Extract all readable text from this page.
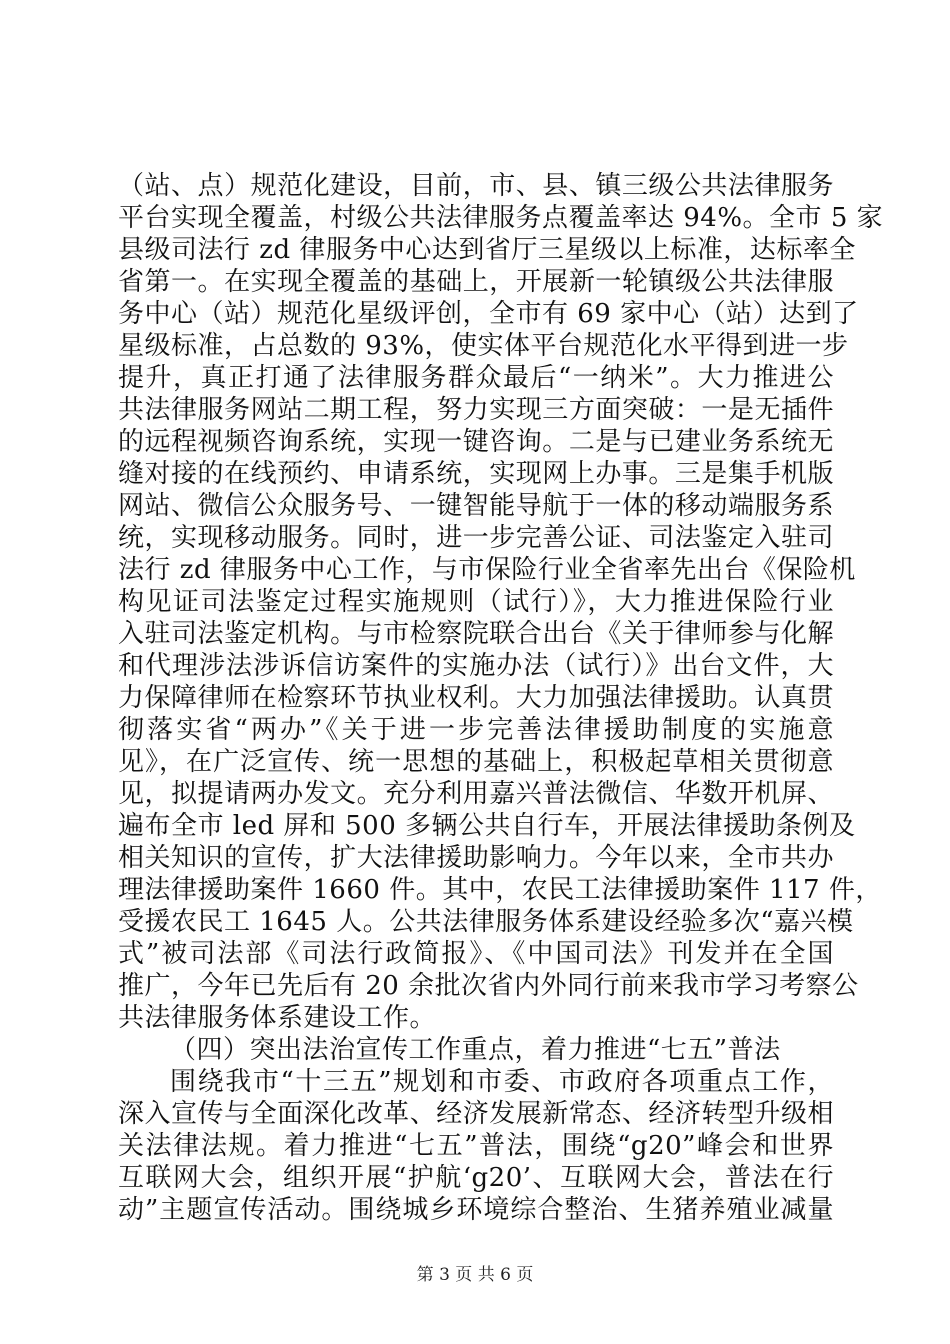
（站、点）规范化建设，目前，市、县、镇三级公共法律服务
平台实现全覆盖，村级公共法律服务点覆盖率达 94%。全市 5 家
县级司法行 zd 律服务中心达到省厅三星级以上标准，达标率全
省第一。在实现全覆盖的基础上，开展新一轮镇级公共法律服
务中心（站）规范化星级评创，全市有 69 家中心（站）达到了
星级标准，占总数的 93%，使实体平台规范化水平得到进一步
提升，真正打通了法律服务群众最后“一纳米”。大力推进公
共法律服务网站二期工程，努力实现三方面突破：一是无插件
的远程视频咨询系统，实现一键咨询。二是与已建业务系统无
缝对接的在线预约、申请系统，实现网上办事。三是集手机版
网站、微信公众服务号、一键智能导航于一体的移动端服务系
统，实现移动服务。同时，进一步完善公证、司法鉴定入驻司
法行 zd 律服务中心工作，与市保险行业全省率先出台《保险机
构见证司法鉴定过程实施规则（试行）》，大力推进保险行业
入驻司法鉴定机构。与市检察院联合出台《关于律师参与化解
和代理涉法涉诉信访案件的实施办法（试行）》出台文件，大
力保障律师在检察环节执业权利。大力加强法律援助。认真贯
彻落实省“两办”《关于进一步完善法律援助制度的实施意
见》，在广泛宣传、统一思想的基础上，积极起草相关贯彻意
见，拟提请两办发文。充分利用嘉兴普法微信、华数开机屏、
遍布全市 led 屏和 500 多辆公共自行车，开展法律援助条例及
相关知识的宣传，扩大法律援助影响力。今年以来，全市共办
理法律援助案件 1660 件。其中，农民工法律援助案件 117 件，
受援农民工 1645 人。公共法律服务体系建设经验多次“嘉兴模
式”被司法部《司法行政简报》、《中国司法》刊发并在全国
推广，今年已先后有 20 余批次省内外同行前来我市学习考察公
共法律服务体系建设工作。
（四）突出法治宣传工作重点，着力推进“七五”普法
围绕我市“十三五”规划和市委、市政府各项重点工作，
深入宣传与全面深化改革、经济发展新常态、经济转型升级相
关法律法规。着力推进“七五”普法，围绕“g20”峰会和世界
互联网大会，组织开展“护航‘g20’、互联网大会，普法在行
动”主题宣传活动。围绕城乡环境综合整治、生猪养殖业减量
第 3 页 共 6 页
